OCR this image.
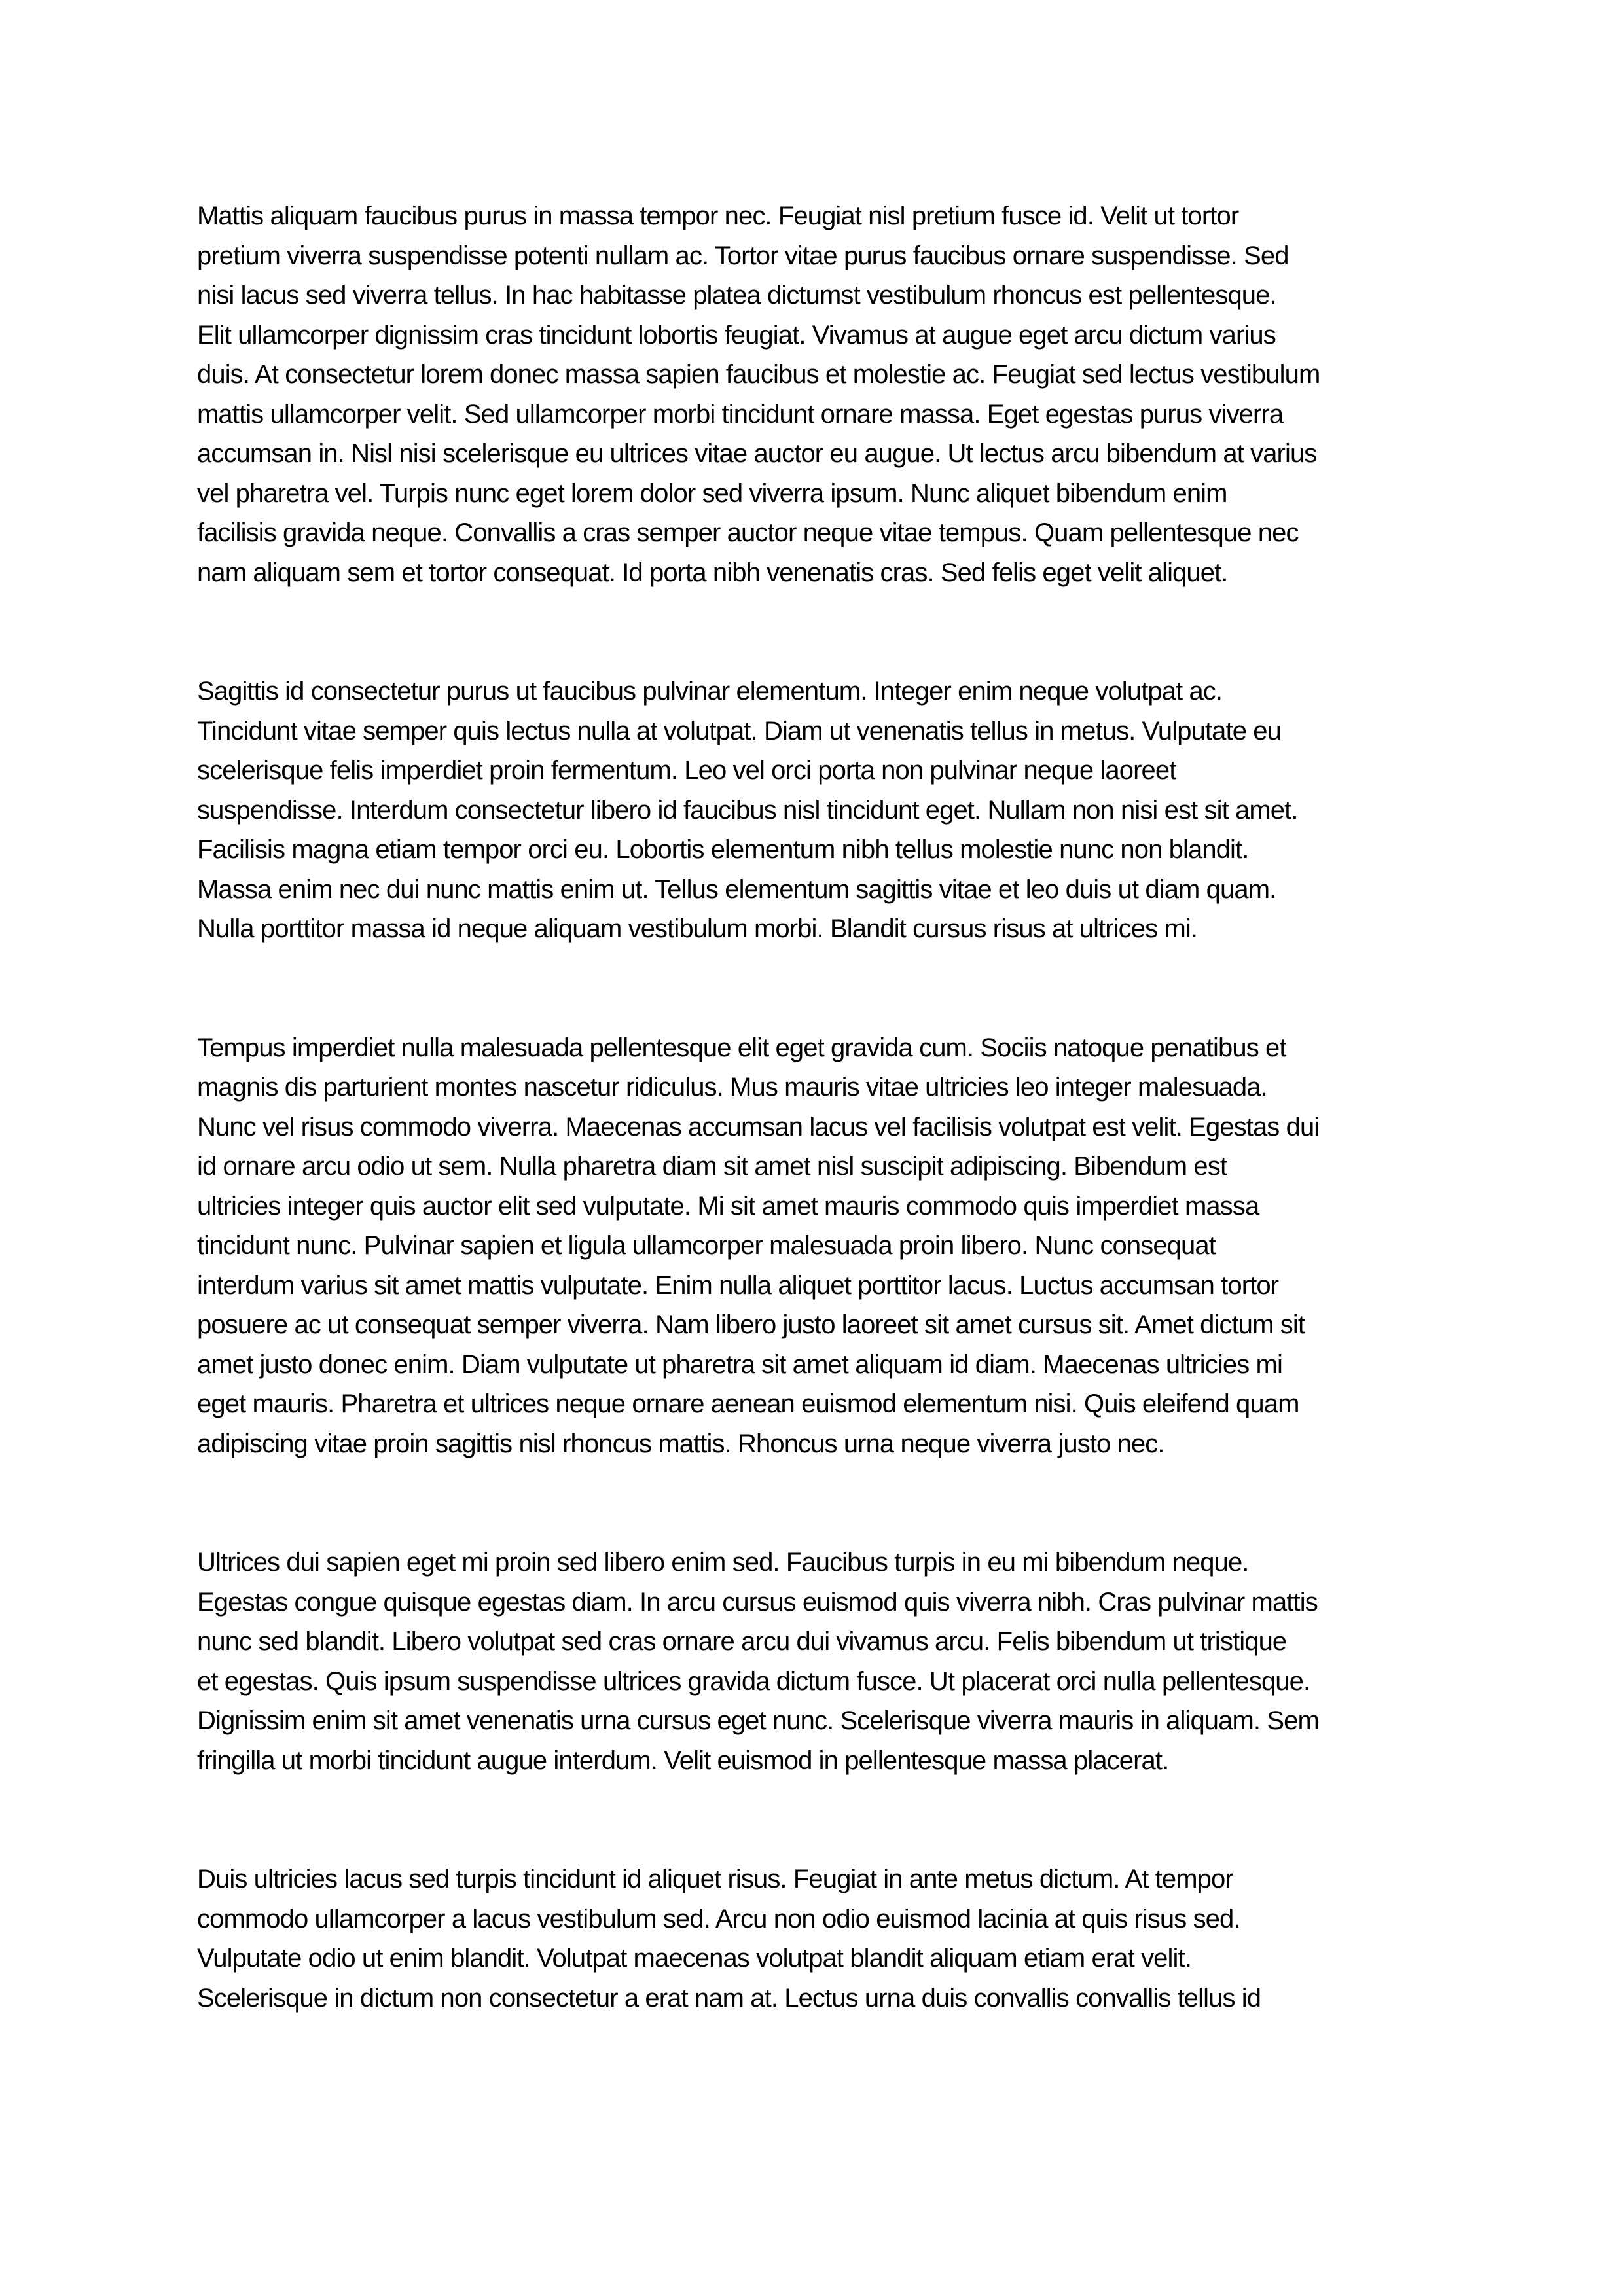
Mattis aliquam faucibus purus in massa tempor nec. Feugiat nisl pretium fusce id. Velit ut tortor
pretium viverra suspendisse potenti nullam ac. Tortor vitae purus faucibus ornare suspendisse. Sed
nisi lacus sed viverra tellus. In hac habitasse platea dictumst vestibulum rhoncus est pellentesque.
Elit ullamcorper dignissim cras tincidunt lobortis feugiat. Vivamus at augue eget arcu dictum varius
duis. At consectetur lorem donec massa sapien faucibus et molestie ac. Feugiat sed lectus vestibulum
mattis ullamcorper velit. Sed ullamcorper morbi tincidunt ornare massa. Eget egestas purus viverra
accumsan in. Nisl nisi scelerisque eu ultrices vitae auctor eu augue. Ut lectus arcu bibendum at varius
vel pharetra vel. Turpis nunc eget lorem dolor sed viverra ipsum. Nunc aliquet bibendum enim
facilisis gravida neque. Convallis a cras semper auctor neque vitae tempus. Quam pellentesque nec
nam aliquam sem et tortor consequat. Id porta nibh venenatis cras. Sed felis eget velit aliquet.

Sagittis id consectetur purus ut faucibus pulvinar elementum. Integer enim neque volutpat ac.
Tincidunt vitae semper quis lectus nulla at volutpat. Diam ut venenatis tellus in metus. Vulputate eu
scelerisque felis imperdiet proin fermentum. Leo vel orci porta non pulvinar neque laoreet
suspendisse. Interdum consectetur libero id faucibus nisl tincidunt eget. Nullam non nisi est sit amet.
Facilisis magna etiam tempor orci eu. Lobortis elementum nibh tellus molestie nunc non blandit.
Massa enim nec dui nunc mattis enim ut. Tellus elementum sagittis vitae et leo duis ut diam quam.
Nulla porttitor massa id neque aliquam vestibulum morbi. Blandit cursus risus at ultrices mi.

Tempus imperdiet nulla malesuada pellentesque elit eget gravida cum. Sociis natoque penatibus et
magnis dis parturient montes nascetur ridiculus. Mus mauris vitae ultricies leo integer malesuada.
Nunc vel risus commodo viverra. Maecenas accumsan lacus vel facilisis volutpat est velit. Egestas dui
id ornare arcu odio ut sem. Nulla pharetra diam sit amet nisl suscipit adipiscing. Bibendum est
ultricies integer quis auctor elit sed vulputate. Mi sit amet mauris commodo quis imperdiet massa
tincidunt nunc. Pulvinar sapien et ligula ullamcorper malesuada proin libero. Nunc consequat
interdum varius sit amet mattis vulputate. Enim nulla aliquet porttitor lacus. Luctus accumsan tortor
posuere ac ut consequat semper viverra. Nam libero justo laoreet sit amet cursus sit. Amet dictum sit
amet justo donec enim. Diam vulputate ut pharetra sit amet aliquam id diam. Maecenas ultricies mi
eget mauris. Pharetra et ultrices neque ornare aenean euismod elementum nisi. Quis eleifend quam
adipiscing vitae proin sagittis nisl rhoncus mattis. Rhoncus urna neque viverra justo nec.

Ultrices dui sapien eget mi proin sed libero enim sed. Faucibus turpis in eu mi bibendum neque.
Egestas congue quisque egestas diam. In arcu cursus euismod quis viverra nibh. Cras pulvinar mattis
nunc sed blandit. Libero volutpat sed cras ornare arcu dui vivamus arcu. Felis bibendum ut tristique
et egestas. Quis ipsum suspendisse ultrices gravida dictum fusce. Ut placerat orci nulla pellentesque.
Dignissim enim sit amet venenatis urna cursus eget nunc. Scelerisque viverra mauris in aliquam. Sem
fringilla ut morbi tincidunt augue interdum. Velit euismod in pellentesque massa placerat.

Duis ultricies lacus sed turpis tincidunt id aliquet risus. Feugiat in ante metus dictum. At tempor
commodo ullamcorper a lacus vestibulum sed. Arcu non odio euismod lacinia at quis risus sed.
Vulputate odio ut enim blandit. Volutpat maecenas volutpat blandit aliquam etiam erat velit.
Scelerisque in dictum non consectetur a erat nam at. Lectus urna duis convallis convallis tellus id
